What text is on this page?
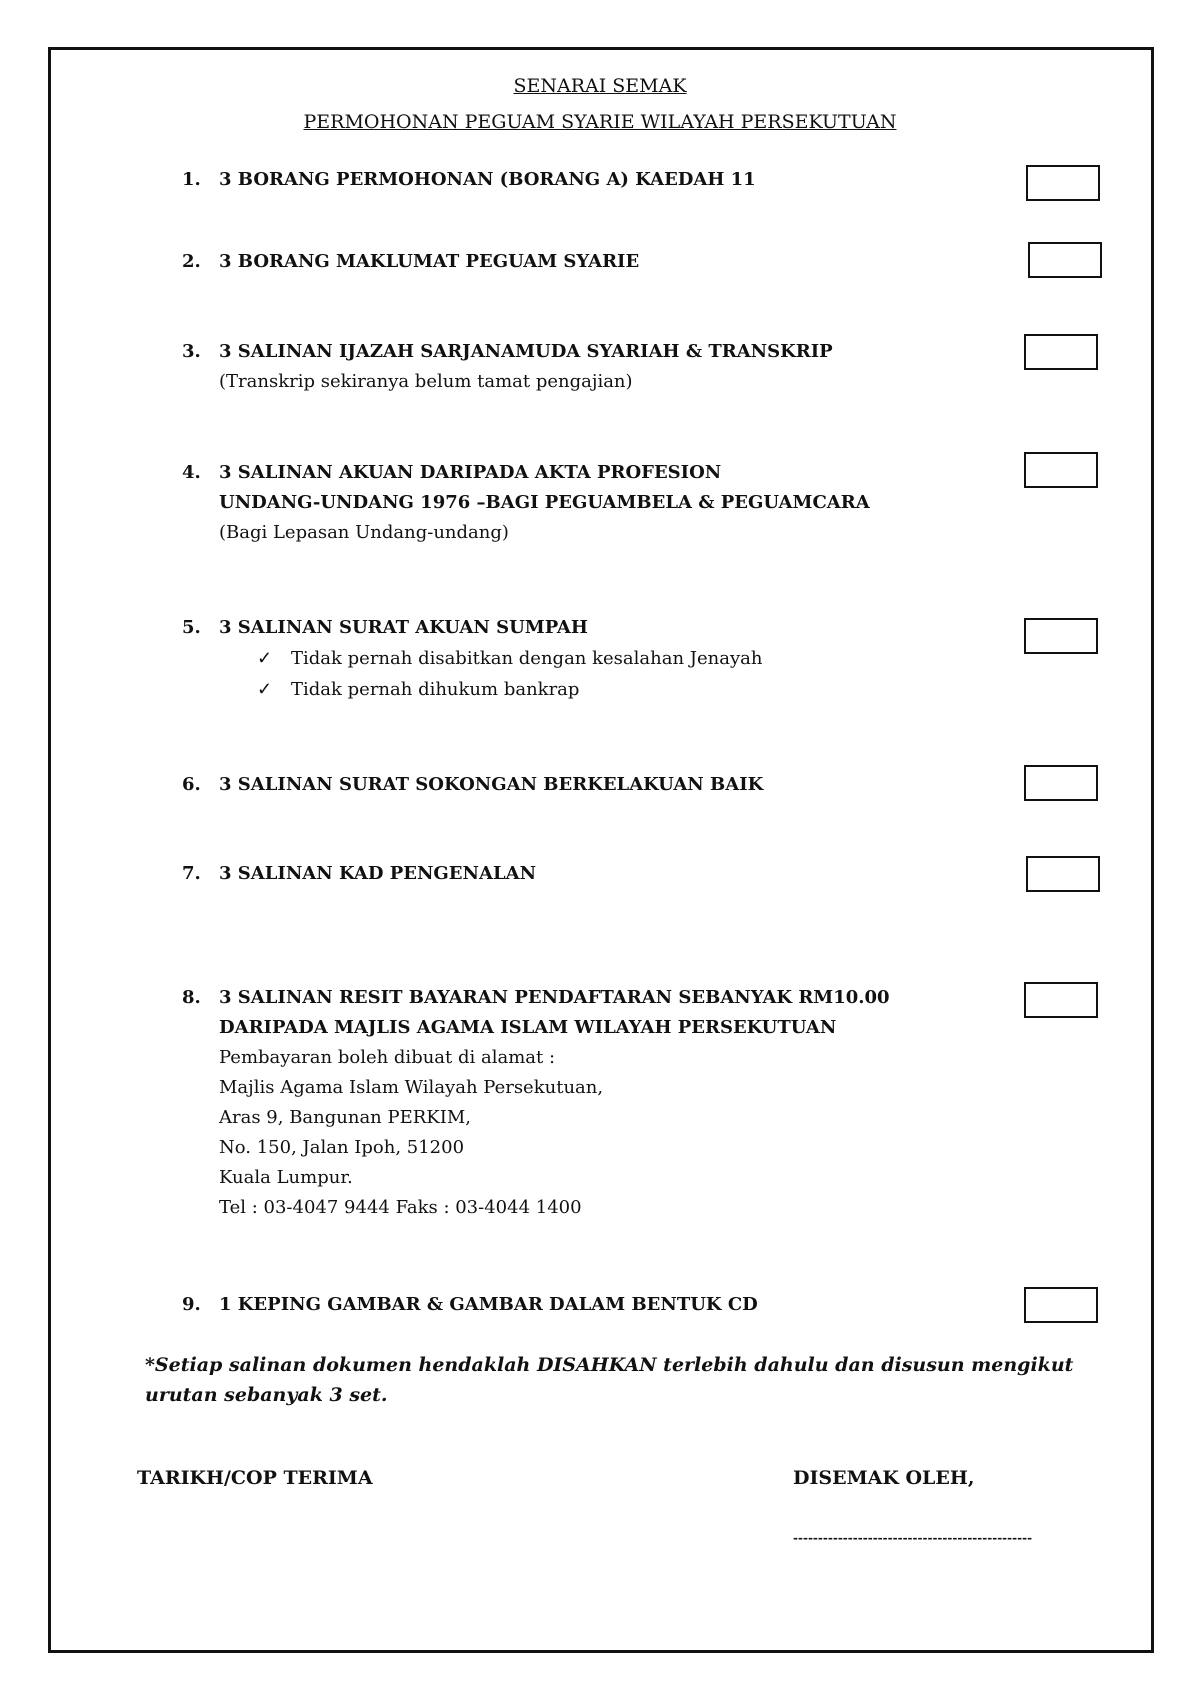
SENARAI SEMAK
PERMOHONAN PEGUAM SYARIE WILAYAH PERSEKUTUAN
1. 3 BORANG PERMOHONAN (BORANG A) KAEDAH 11
2. 3 BORANG MAKLUMAT PEGUAM SYARIE
3. 3 SALINAN IJAZAH SARJANAMUDA SYARIAH & TRANSKRIP
(Transkrip sekiranya belum tamat pengajian)
4. 3 SALINAN AKUAN DARIPADA AKTA PROFESION
UNDANG-UNDANG 1976 –BAGI PEGUAMBELA & PEGUAMCARA
(Bagi Lepasan Undang-undang)
5. 3 SALINAN SURAT AKUAN SUMPAH
✓ Tidak pernah disabitkan dengan kesalahan Jenayah
✓ Tidak pernah dihukum bankrap
6. 3 SALINAN SURAT SOKONGAN BERKELAKUAN BAIK
7. 3 SALINAN KAD PENGENALAN
8. 3 SALINAN RESIT BAYARAN PENDAFTARAN SEBANYAK RM10.00
DARIPADA MAJLIS AGAMA ISLAM WILAYAH PERSEKUTUAN
Pembayaran boleh dibuat di alamat :
Majlis Agama Islam Wilayah Persekutuan,
Aras 9, Bangunan PERKIM,
No. 150, Jalan Ipoh, 51200
Kuala Lumpur.
Tel : 03-4047 9444 Faks : 03-4044 1400
9. 1 KEPING GAMBAR & GAMBAR DALAM BENTUK CD
*Setiap salinan dokumen hendaklah DISAHKAN terlebih dahulu dan disusun mengikut urutan sebanyak 3 set.
TARIKH/COP TERIMA	DISEMAK OLEH,
------------------------------------------------
